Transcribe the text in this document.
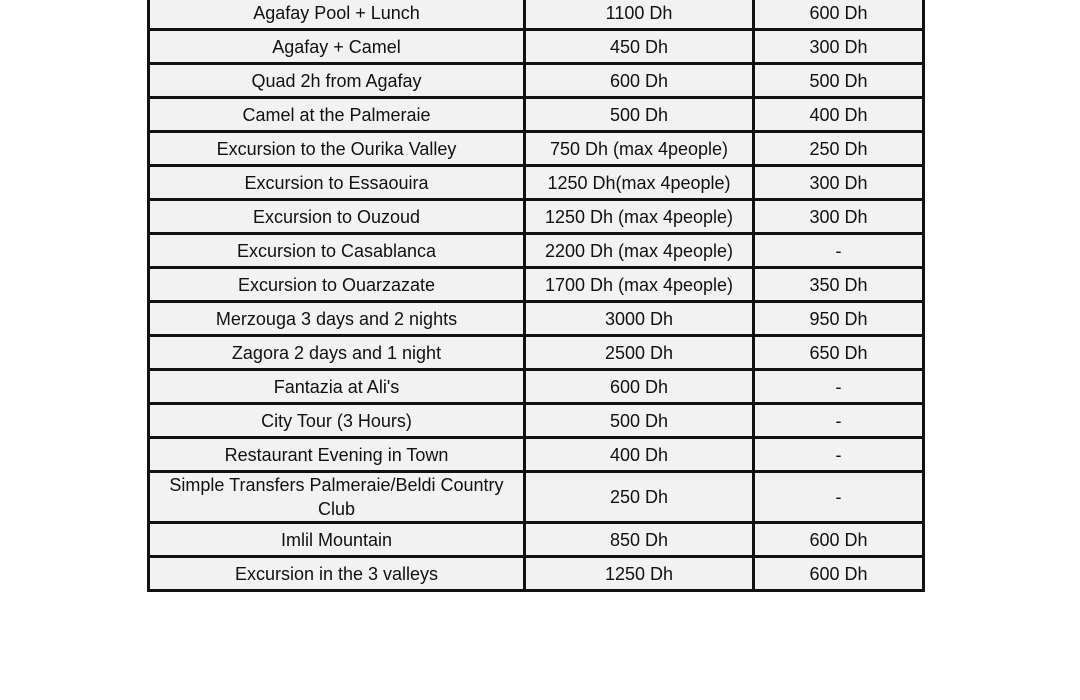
Agafay Pool + Lunch	1100 Dh	600 Dh
Agafay + Camel	450 Dh	300 Dh
Quad 2h from Agafay	600 Dh	500 Dh
Camel at the Palmeraie	500 Dh	400 Dh
Excursion to the Ourika Valley	750 Dh (max 4people)	250 Dh
Excursion to Essaouira	1250 Dh(max 4people)	300 Dh
Excursion to Ouzoud	1250 Dh (max 4people)	300 Dh
Excursion to Casablanca	2200 Dh (max 4people)	-
Excursion to Ouarzazate	1700 Dh (max 4people)	350 Dh
Merzouga 3 days and 2 nights	3000 Dh	950 Dh
Zagora 2 days and 1 night	2500 Dh	650 Dh
Fantazia at Ali's	600 Dh	-
City Tour (3 Hours)	500 Dh	-
Restaurant Evening in Town	400 Dh	-
Simple Transfers Palmeraie/Beldi Country Club	250 Dh	-
Imlil Mountain	850 Dh	600 Dh
Excursion in the 3 valleys	1250 Dh	600 Dh
